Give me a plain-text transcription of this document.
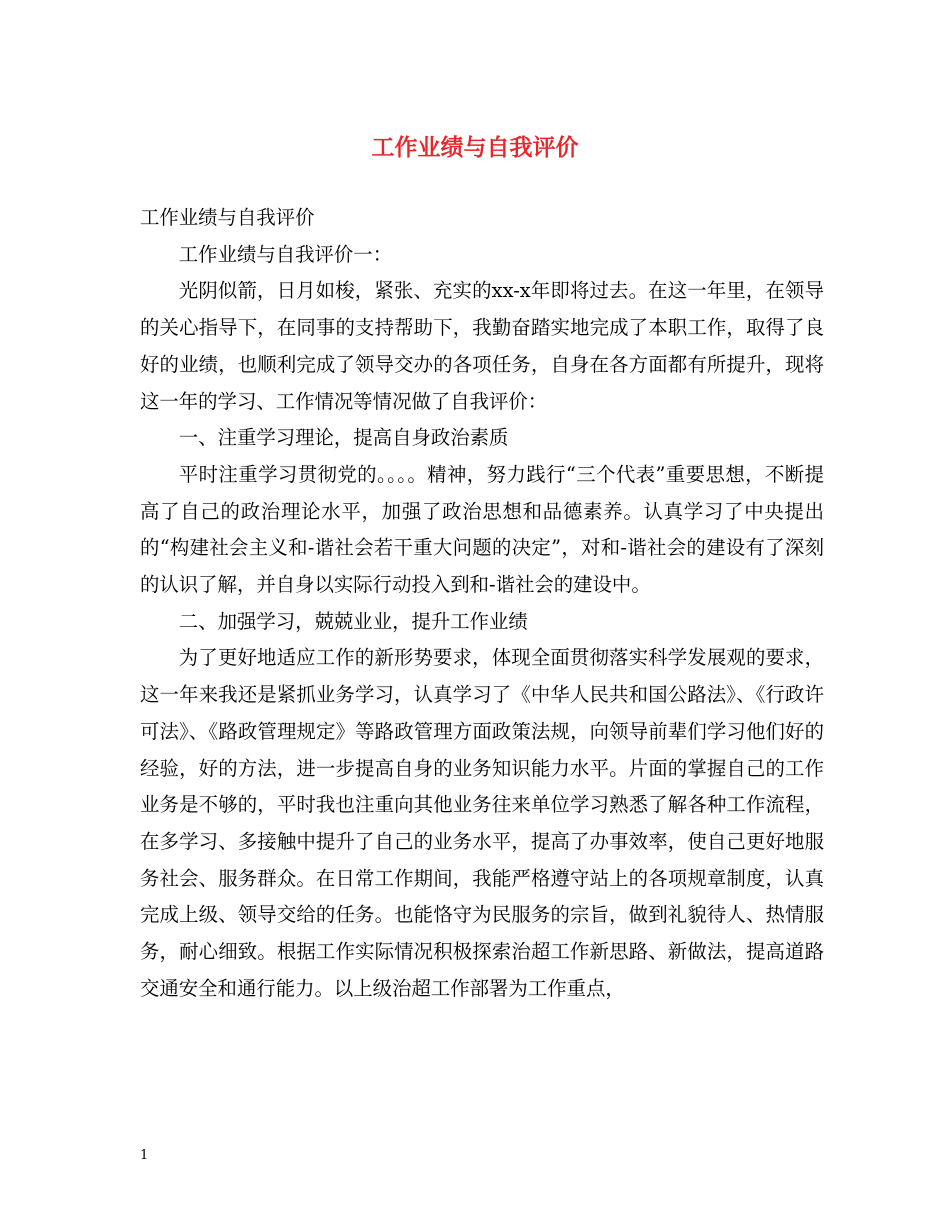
工作业绩与自我评价

工作业绩与自我评价

工作业绩与自我评价一：

光阴似箭，日月如梭，紧张、充实的xx-x年即将过去。在这一年里，在领导的关心指导下，在同事的支持帮助下，我勤奋踏实地完成了本职工作，取得了良好的业绩，也顺利完成了领导交办的各项任务，自身在各方面都有所提升，现将这一年的学习、工作情况等情况做了自我评价：

一、注重学习理论，提高自身政治素质

平时注重学习贯彻党的。。。。精神，努力践行“三个代表”重要思想，不断提高了自己的政治理论水平，加强了政治思想和品德素养。认真学习了中央提出的“构建社会主义和-谐社会若干重大问题的决定”，对和-谐社会的建设有了深刻的认识了解，并自身以实际行动投入到和-谐社会的建设中。

二、加强学习，兢兢业业，提升工作业绩

为了更好地适应工作的新形势要求，体现全面贯彻落实科学发展观的要求，这一年来我还是紧抓业务学习，认真学习了《中华人民共和国公路法》、《行政许可法》、《路政管理规定》等路政管理方面政策法规，向领导前辈们学习他们好的经验，好的方法，进一步提高自身的业务知识能力水平。片面的掌握自己的工作业务是不够的，平时我也注重向其他业务往来单位学习熟悉了解各种工作流程，在多学习、多接触中提升了自己的业务水平，提高了办事效率，使自己更好地服务社会、服务群众。在日常工作期间，我能严格遵守站上的各项规章制度，认真完成上级、领导交给的任务。也能恪守为民服务的宗旨，做到礼貌待人、热情服务，耐心细致。根据工作实际情况积极探索治超工作新思路、新做法，提高道路交通安全和通行能力。以上级治超工作部署为工作重点，

1
